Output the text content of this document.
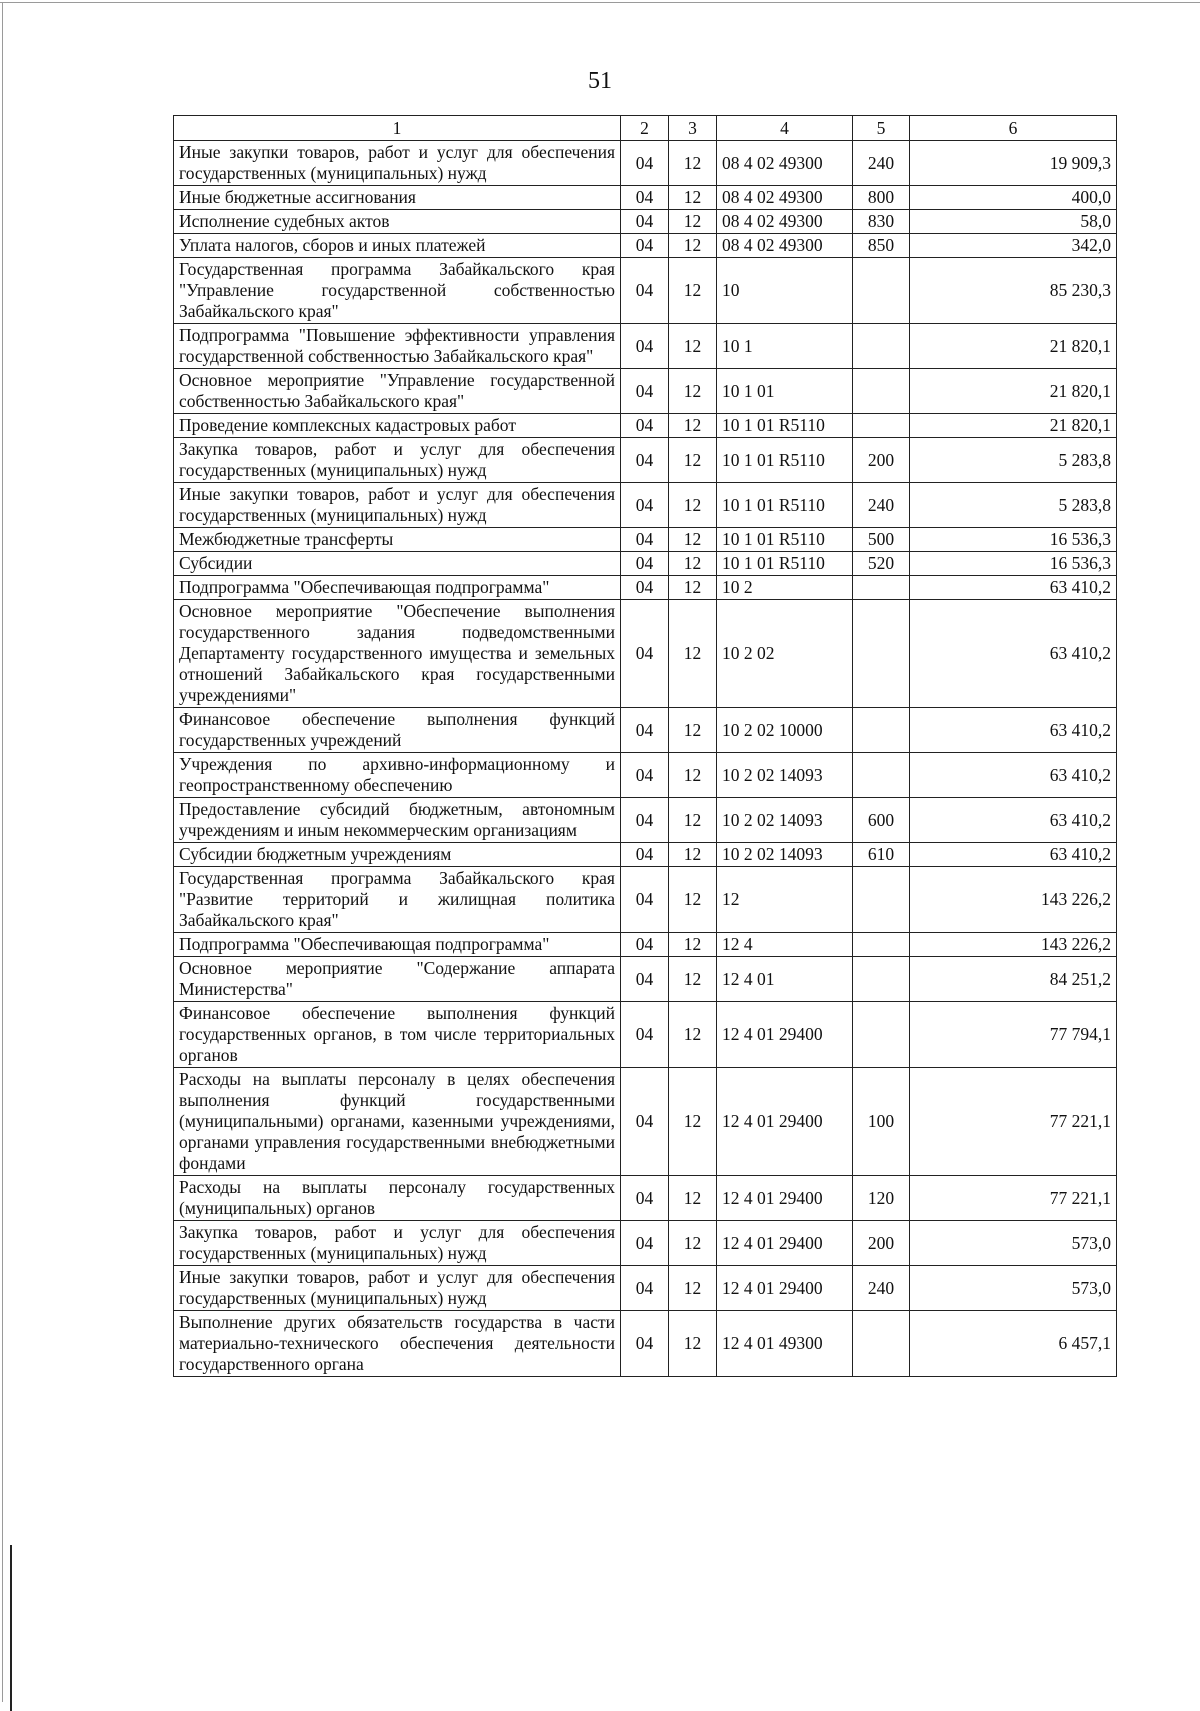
51
1	2	3	4	5	6
Иные закупки товаров, работ и услуг для обеспечения государственных (муниципальных) нужд	04	12	08 4 02 49300	240	19 909,3
Иные бюджетные ассигнования	04	12	08 4 02 49300	800	400,0
Исполнение судебных актов	04	12	08 4 02 49300	830	58,0
Уплата налогов, сборов и иных платежей	04	12	08 4 02 49300	850	342,0
Государственная программа Забайкальского края "Управление государственной собственностью Забайкальского края"	04	12	10		85 230,3
Подпрограмма "Повышение эффективности управления государственной собственностью Забайкальского края"	04	12	10 1		21 820,1
Основное мероприятие "Управление государственной собственностью Забайкальского края"	04	12	10 1 01		21 820,1
Проведение комплексных кадастровых работ	04	12	10 1 01 R5110		21 820,1
Закупка товаров, работ и услуг для обеспечения государственных (муниципальных) нужд	04	12	10 1 01 R5110	200	5 283,8
Иные закупки товаров, работ и услуг для обеспечения государственных (муниципальных) нужд	04	12	10 1 01 R5110	240	5 283,8
Межбюджетные трансферты	04	12	10 1 01 R5110	500	16 536,3
Субсидии	04	12	10 1 01 R5110	520	16 536,3
Подпрограмма "Обеспечивающая подпрограмма"	04	12	10 2		63 410,2
Основное мероприятие "Обеспечение выполнения государственного задания подведомственными Департаменту государственного имущества и земельных отношений Забайкальского края государственными учреждениями"	04	12	10 2 02		63 410,2
Финансовое обеспечение выполнения функций государственных учреждений	04	12	10 2 02 10000		63 410,2
Учреждения по архивно-информационному и геопространственному обеспечению	04	12	10 2 02 14093		63 410,2
Предоставление субсидий бюджетным, автономным учреждениям и иным некоммерческим организациям	04	12	10 2 02 14093	600	63 410,2
Субсидии бюджетным учреждениям	04	12	10 2 02 14093	610	63 410,2
Государственная программа Забайкальского края "Развитие территорий и жилищная политика Забайкальского края"	04	12	12		143 226,2
Подпрограмма "Обеспечивающая подпрограмма"	04	12	12 4		143 226,2
Основное мероприятие "Содержание аппарата Министерства"	04	12	12 4 01		84 251,2
Финансовое обеспечение выполнения функций государственных органов, в том числе территориальных органов	04	12	12 4 01 29400		77 794,1
Расходы на выплаты персоналу в целях обеспечения выполнения функций государственными (муниципальными) органами, казенными учреждениями, органами управления государственными внебюджетными фондами	04	12	12 4 01 29400	100	77 221,1
Расходы на выплаты персоналу государственных (муниципальных) органов	04	12	12 4 01 29400	120	77 221,1
Закупка товаров, работ и услуг для обеспечения государственных (муниципальных) нужд	04	12	12 4 01 29400	200	573,0
Иные закупки товаров, работ и услуг для обеспечения государственных (муниципальных) нужд	04	12	12 4 01 29400	240	573,0
Выполнение других обязательств государства в части материально-технического обеспечения деятельности государственного органа	04	12	12 4 01 49300		6 457,1
